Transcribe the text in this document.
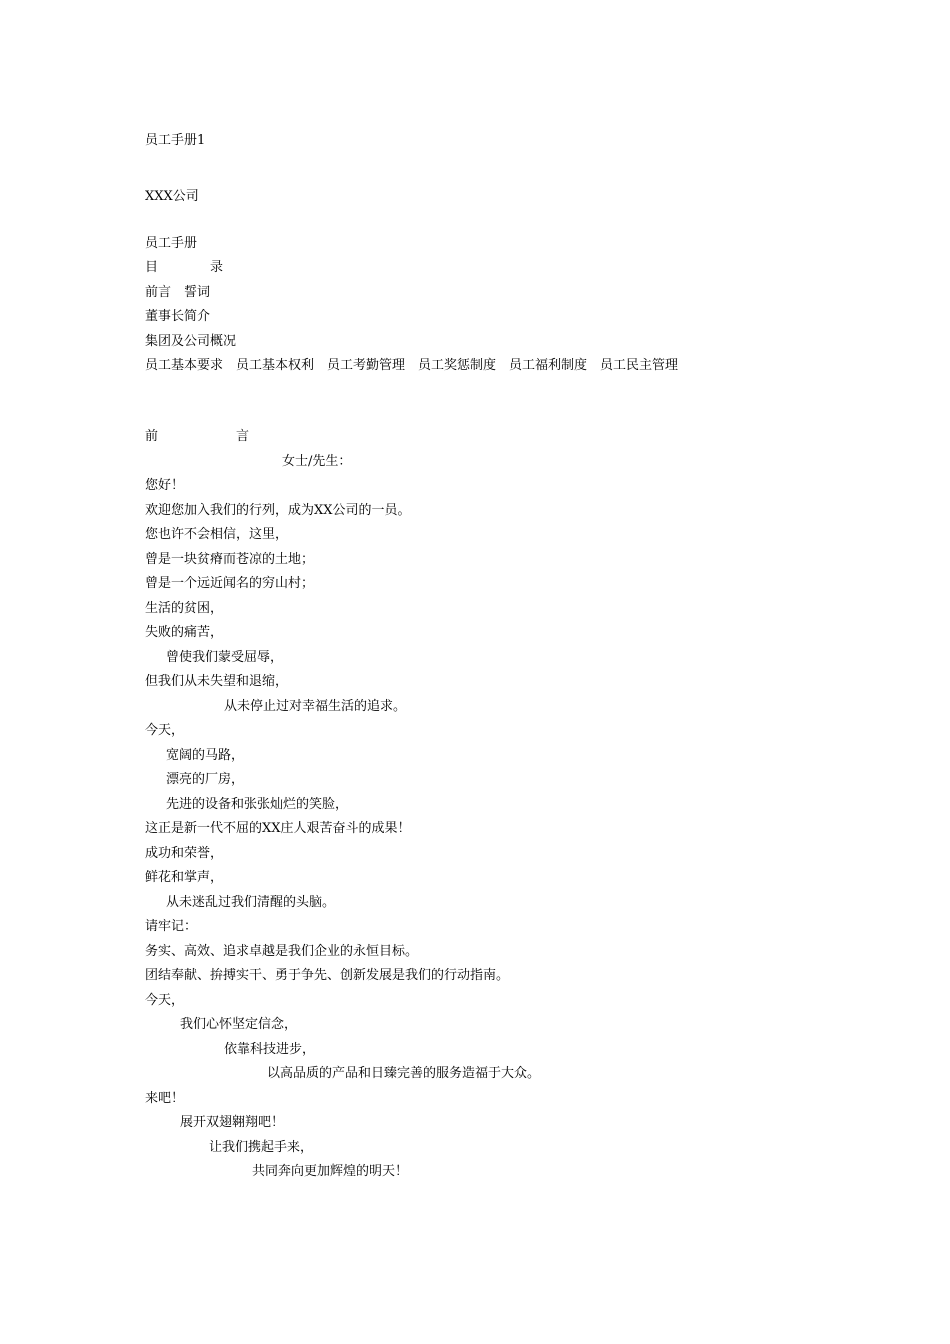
员工手册1

XXX公司

员工手册

目　　　　录

前言　誓词

董事长简介

集团及公司概况

员工基本要求　员工基本权利　员工考勤管理　员工奖惩制度　员工福利制度　员工民主管理

前　　　　　　言

女士/先生：

您好！

欢迎您加入我们的行列，成为XX公司的一员。

您也许不会相信，这里，

曾是一块贫瘠而苍凉的土地；

曾是一个远近闻名的穷山村；

生活的贫困，

失败的痛苦，

曾使我们蒙受屈辱，

但我们从未失望和退缩，

从未停止过对幸福生活的追求。

今天，

宽阔的马路，

漂亮的厂房，

先进的设备和张张灿烂的笑脸，

这正是新一代不屈的XX庄人艰苦奋斗的成果！

成功和荣誉，

鲜花和掌声，

从未迷乱过我们清醒的头脑。

请牢记：

务实、高效、追求卓越是我们企业的永恒目标。

团结奉献、拚搏实干、勇于争先、创新发展是我们的行动指南。

今天，

我们心怀坚定信念，

依靠科技进步，

以高品质的产品和日臻完善的服务造福于大众。

来吧！

展开双翅翱翔吧！

让我们携起手来，

共同奔向更加辉煌的明天！
